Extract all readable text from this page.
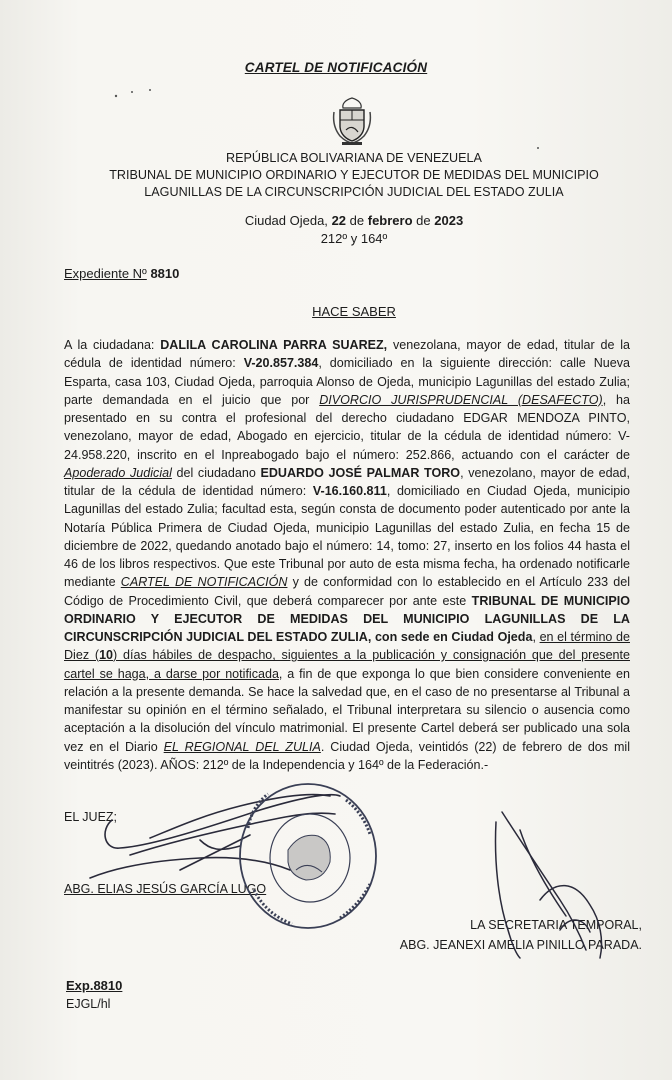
CARTEL DE NOTIFICACIÓN
REPÚBLICA BOLIVARIANA DE VENEZUELA
TRIBUNAL DE MUNICIPIO ORDINARIO Y EJECUTOR DE MEDIDAS DEL MUNICIPIO
LAGUNILLAS DE LA CIRCUNSCRIPCIÓN JUDICIAL DEL ESTADO ZULIA
Ciudad Ojeda, 22 de febrero de 2023
212º y 164º
Expediente Nº 8810
HACE SABER
A la ciudadana: DALILA CAROLINA PARRA SUAREZ, venezolana, mayor de edad, titular de la cédula de identidad número: V-20.857.384, domiciliado en la siguiente dirección: calle Nueva Esparta, casa 103, Ciudad Ojeda, parroquia Alonso de Ojeda, municipio Lagunillas del estado Zulia; parte demandada en el juicio que por DIVORCIO JURISPRUDENCIAL (DESAFECTO), ha presentado en su contra el profesional del derecho ciudadano EDGAR MENDOZA PINTO, venezolano, mayor de edad, Abogado en ejercicio, titular de la cédula de identidad número: V-24.958.220, inscrito en el Inpreabogado bajo el número: 252.866, actuando con el carácter de Apoderado Judicial del ciudadano EDUARDO JOSÉ PALMAR TORO, venezolano, mayor de edad, titular de la cédula de identidad número: V-16.160.811, domiciliado en Ciudad Ojeda, municipio Lagunillas del estado Zulia; facultad esta, según consta de documento poder autenticado por ante la Notaría Pública Primera de Ciudad Ojeda, municipio Lagunillas del estado Zulia, en fecha 15 de diciembre de 2022, quedando anotado bajo el número: 14, tomo: 27, inserto en los folios 44 hasta el 46 de los libros respectivos. Que este Tribunal por auto de esta misma fecha, ha ordenado notificarle mediante CARTEL DE NOTIFICACIÓN y de conformidad con lo establecido en el Artículo 233 del Código de Procedimiento Civil, que deberá comparecer por ante este TRIBUNAL DE MUNICIPIO ORDINARIO Y EJECUTOR DE MEDIDAS DEL MUNICIPIO LAGUNILLAS DE LA CIRCUNSCRIPCIÓN JUDICIAL DEL ESTADO ZULIA, con sede en Ciudad Ojeda, en el término de Diez (10) días hábiles de despacho, siguientes a la publicación y consignación que del presente cartel se haga, a darse por notificada, a fin de que exponga lo que bien considere conveniente en relación a la presente demanda. Se hace la salvedad que, en el caso de no presentarse al Tribunal a manifestar su opinión en el término señalado, el Tribunal interpretara su silencio o ausencia como aceptación a la disolución del vínculo matrimonial. El presente Cartel deberá ser publicado una sola vez en el Diario EL REGIONAL DEL ZULIA. Ciudad Ojeda, veintidós (22) de febrero de dos mil veintitrés (2023). AÑOS: 212º de la Independencia y 164º de la Federación.-
EL JUEZ;
ABG. ELIAS JESÚS GARCÍA LUGO
LA SECRETARIA TEMPORAL,
ABG. JEANEXI AMELIA PINILLO PARADA.
Exp.8810
EJGL/hl
